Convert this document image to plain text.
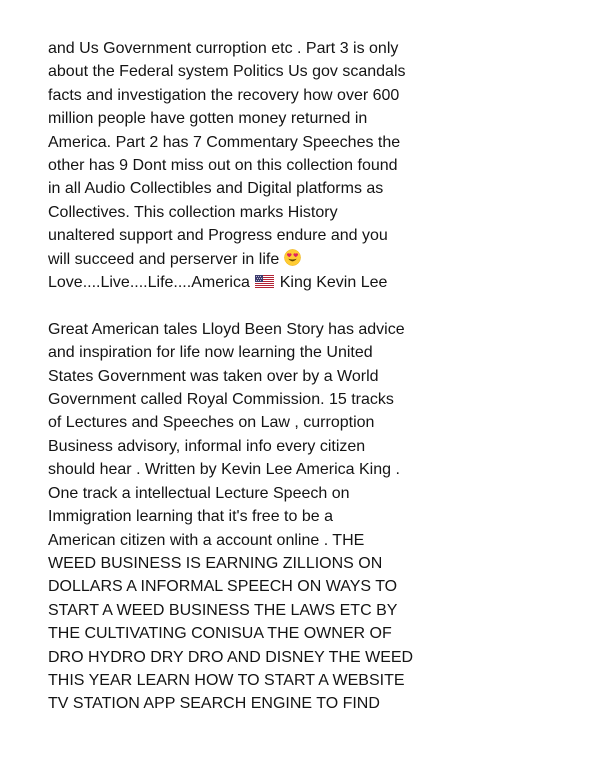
and Us Government curroption etc . Part 3 is only
about the Federal system Politics Us gov scandals
facts and investigation the recovery how over 600
million people have gotten money returned in
America. Part 2 has 7 Commentary Speeches the
other has 9 Dont miss out on this collection found
in all Audio Collectibles and Digital platforms as
Collectives. This collection marks History
unaltered support and Progress endure and you
will succeed and perserver in life
Love....Live....Life....America  King Kevin Lee

Great American tales Lloyd Been Story has advice
and inspiration for life now learning the United
States Government was taken over by a World
Government called Royal Commission. 15 tracks
of Lectures and Speeches on Law , curroption
Business advisory, informal info every citizen
should hear . Written by Kevin Lee America King .
One track a intellectual Lecture Speech on
Immigration learning that it's free to be a
American citizen with a account online . THE
WEED BUSINESS IS EARNING ZILLIONS ON
DOLLARS A INFORMAL SPEECH ON WAYS TO
START A WEED BUSINESS THE LAWS ETC BY
THE CULTIVATING CONISUA THE OWNER OF
DRO HYDRO DRY DRO AND DISNEY THE WEED
THIS YEAR LEARN HOW TO START A WEBSITE
TV STATION APP SEARCH ENGINE TO FIND
